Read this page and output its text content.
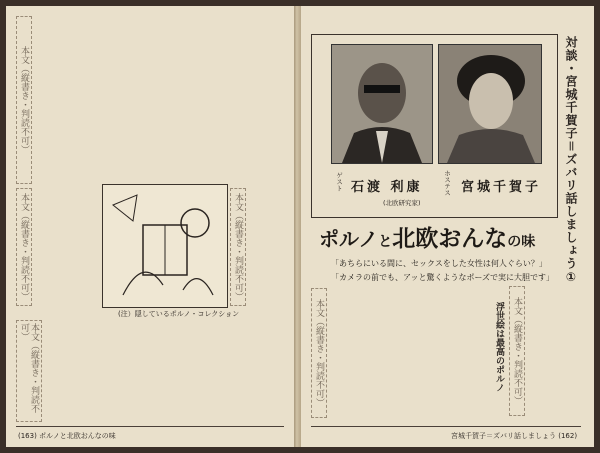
本文（縦書き・判読不可）
(注）隠しているポルノ・コレクション
本文（縦書き・判読不可）
本文（縦書き・判読不可）
本文（縦書き・判読不可）
(163) ポルノと北欧おんなの味
ゲスト 石渡 利康
(北欧研究家)
ホステス 宮城千賀子 対談・宮城千賀子＝ズバリ話しましょう①
ポルノと北欧おんなの味
「あちらにいる間に、セックスをした女性は何人ぐらい？」
「カメラの前でも、アッと驚くようなポーズで実に大胆です」
本文（縦書き・判読不可）
浮世絵は最高のポルノ
本文（縦書き・判読不可）
宮城千賀子＝ズバリ話しましょう (162)
